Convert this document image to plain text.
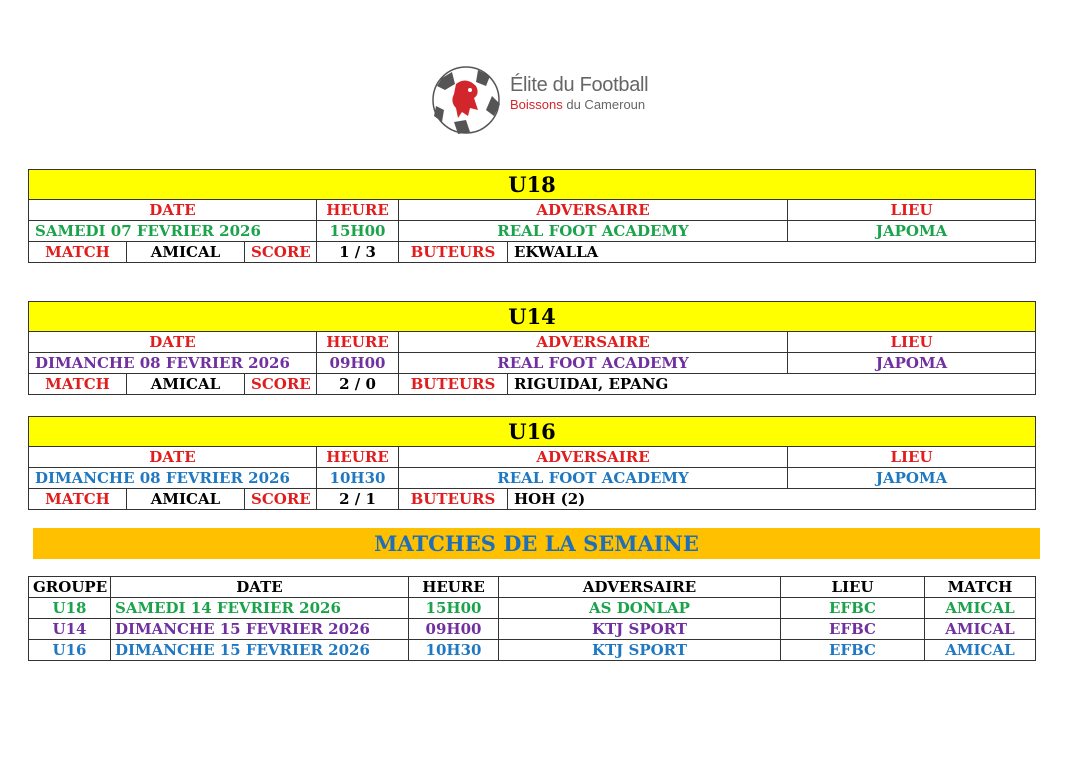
Élite du Football
Boissons du Cameroun
U18						
DATE			HEURE	ADVERSAIRE		LIEU
SAMEDI 07 FEVRIER 2026			15H00	REAL FOOT ACADEMY		JAPOMA
MATCH	AMICAL	SCORE	1 / 3	BUTEURS	EKWALLA	
U14						
DATE			HEURE	ADVERSAIRE		LIEU
DIMANCHE 08 FEVRIER 2026			09H00	REAL FOOT ACADEMY		JAPOMA
MATCH	AMICAL	SCORE	2 / 0	BUTEURS	RIGUIDAI, EPANG	
U16						
DATE			HEURE	ADVERSAIRE		LIEU
DIMANCHE 08 FEVRIER 2026			10H30	REAL FOOT ACADEMY		JAPOMA
MATCH	AMICAL	SCORE	2 / 1	BUTEURS	HOH (2)	
MATCHES DE LA SEMAINE
GROUPE	DATE	HEURE	ADVERSAIRE	LIEU	MATCH
U18	SAMEDI 14 FEVRIER 2026	15H00	AS DONLAP	EFBC	AMICAL
U14	DIMANCHE 15 FEVRIER 2026	09H00	KTJ SPORT	EFBC	AMICAL
U16	DIMANCHE 15 FEVRIER 2026	10H30	KTJ SPORT	EFBC	AMICAL
